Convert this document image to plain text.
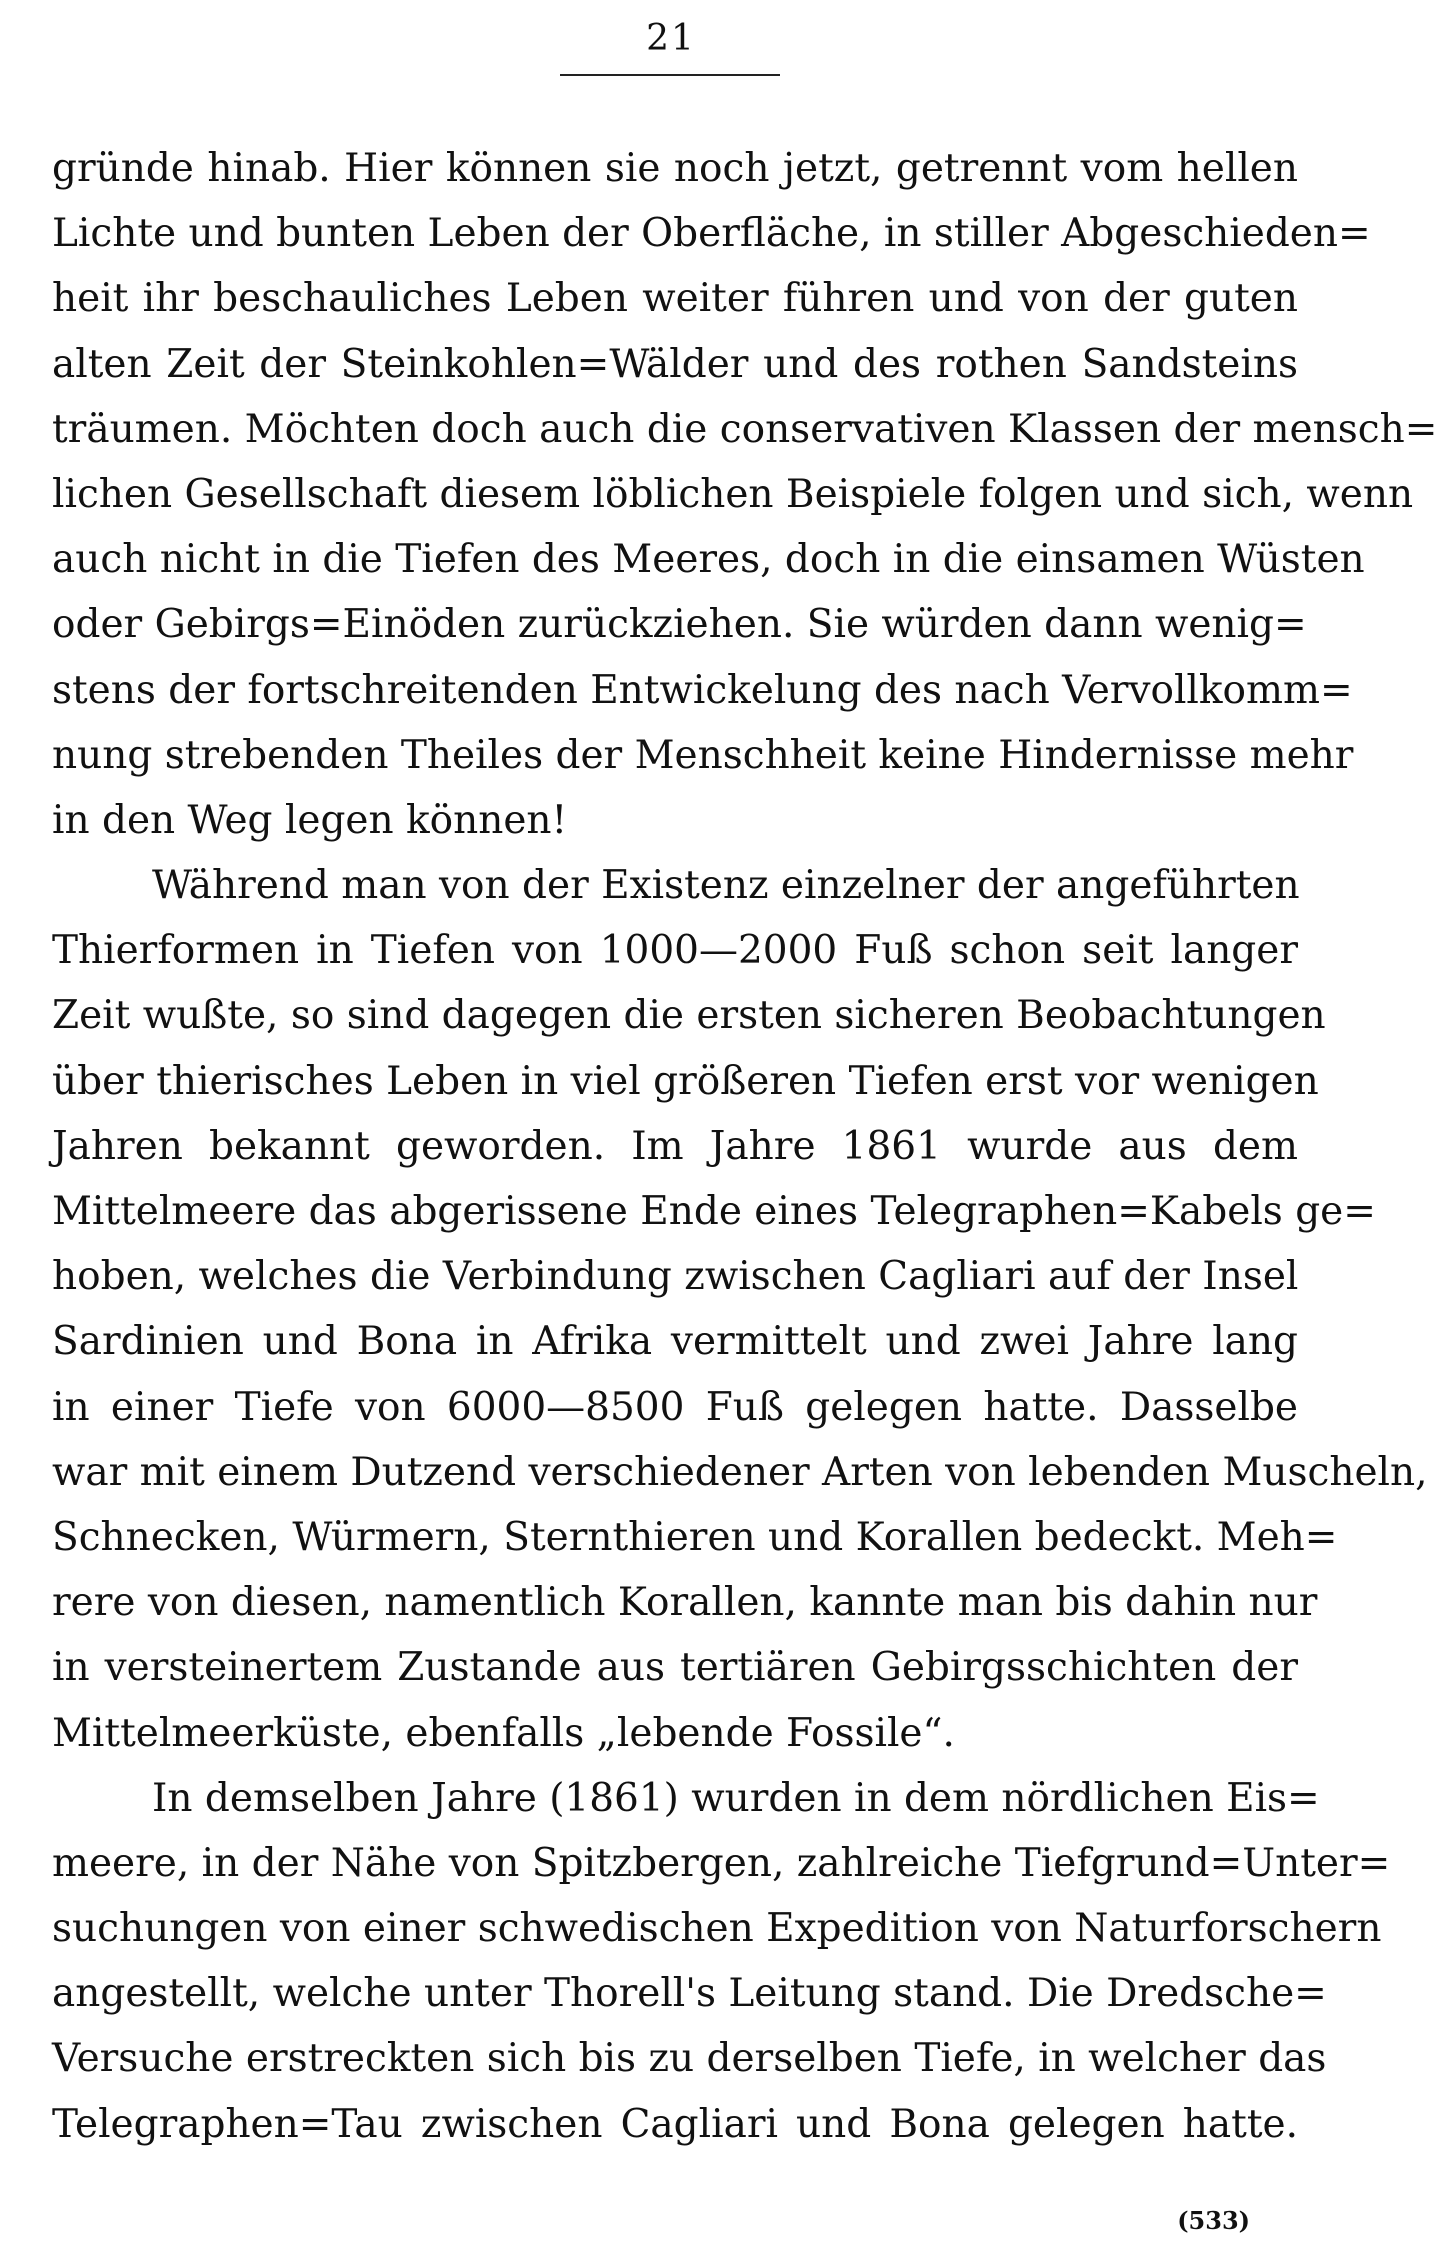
21
gründe hinab. Hier können sie noch jetzt, getrennt vom hellen
Lichte und bunten Leben der Oberfläche, in stiller Abgeschieden=
heit ihr beschauliches Leben weiter führen und von der guten
alten Zeit der Steinkohlen=Wälder und des rothen Sandsteins
träumen. Möchten doch auch die conservativen Klassen der mensch=
lichen Gesellschaft diesem löblichen Beispiele folgen und sich, wenn
auch nicht in die Tiefen des Meeres, doch in die einsamen Wüsten
oder Gebirgs=Einöden zurückziehen. Sie würden dann wenig=
stens der fortschreitenden Entwickelung des nach Vervollkomm=
nung strebenden Theiles der Menschheit keine Hindernisse mehr
in den Weg legen können!
Während man von der Existenz einzelner der angeführten
Thierformen in Tiefen von 1000—2000 Fuß schon seit langer
Zeit wußte, so sind dagegen die ersten sicheren Beobachtungen
über thierisches Leben in viel größeren Tiefen erst vor wenigen
Jahren bekannt geworden. Im Jahre 1861 wurde aus dem
Mittelmeere das abgerissene Ende eines Telegraphen=Kabels ge=
hoben, welches die Verbindung zwischen Cagliari auf der Insel
Sardinien und Bona in Afrika vermittelt und zwei Jahre lang
in einer Tiefe von 6000—8500 Fuß gelegen hatte. Dasselbe
war mit einem Dutzend verschiedener Arten von lebenden Muscheln,
Schnecken, Würmern, Sternthieren und Korallen bedeckt. Meh=
rere von diesen, namentlich Korallen, kannte man bis dahin nur
in versteinertem Zustande aus tertiären Gebirgsschichten der
Mittelmeerküste, ebenfalls „lebende Fossile“.
In demselben Jahre (1861) wurden in dem nördlichen Eis=
meere, in der Nähe von Spitzbergen, zahlreiche Tiefgrund=Unter=
suchungen von einer schwedischen Expedition von Naturforschern
angestellt, welche unter Thorell's Leitung stand. Die Dredsche=
Versuche erstreckten sich bis zu derselben Tiefe, in welcher das
Telegraphen=Tau zwischen Cagliari und Bona gelegen hatte.
(533)
